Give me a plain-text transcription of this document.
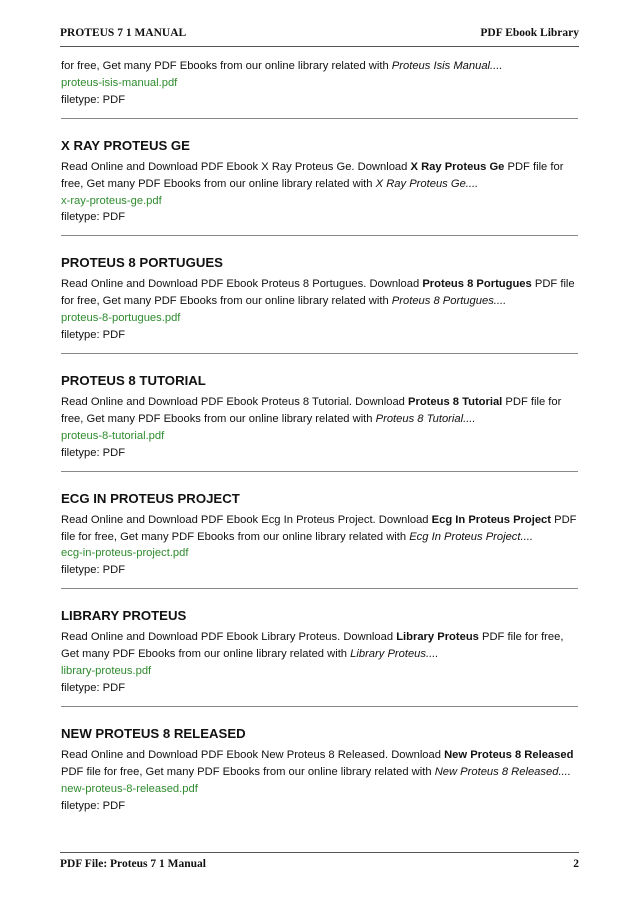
PROTEUS 7 1 MANUAL	PDF Ebook Library

for free, Get many PDF Ebooks from our online library related with Proteus Isis Manual....

proteus-isis-manual.pdf

filetype: PDF

X RAY PROTEUS GE

Read Online and Download PDF Ebook X Ray Proteus Ge. Download X Ray Proteus Ge PDF file for free, Get many PDF Ebooks from our online library related with X Ray Proteus Ge....

x-ray-proteus-ge.pdf

filetype: PDF

PROTEUS 8 PORTUGUES

Read Online and Download PDF Ebook Proteus 8 Portugues. Download Proteus 8 Portugues PDF file for free, Get many PDF Ebooks from our online library related with Proteus 8 Portugues....

proteus-8-portugues.pdf

filetype: PDF

PROTEUS 8 TUTORIAL

Read Online and Download PDF Ebook Proteus 8 Tutorial. Download Proteus 8 Tutorial PDF file for free, Get many PDF Ebooks from our online library related with Proteus 8 Tutorial....

proteus-8-tutorial.pdf

filetype: PDF

ECG IN PROTEUS PROJECT

Read Online and Download PDF Ebook Ecg In Proteus Project. Download Ecg In Proteus Project PDF file for free, Get many PDF Ebooks from our online library related with Ecg In Proteus Project....

ecg-in-proteus-project.pdf

filetype: PDF

LIBRARY PROTEUS

Read Online and Download PDF Ebook Library Proteus. Download Library Proteus PDF file for free, Get many PDF Ebooks from our online library related with Library Proteus....

library-proteus.pdf

filetype: PDF

NEW PROTEUS 8 RELEASED

Read Online and Download PDF Ebook New Proteus 8 Released. Download New Proteus 8 Released PDF file for free, Get many PDF Ebooks from our online library related with New Proteus 8 Released....

new-proteus-8-released.pdf

filetype: PDF

PDF File: Proteus 7 1 Manual	2
